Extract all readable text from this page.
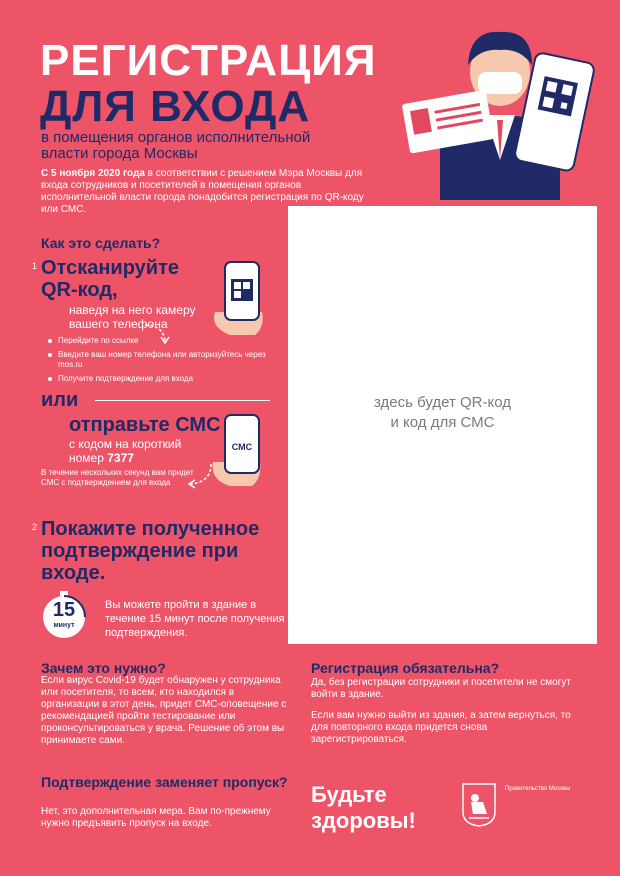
РЕГИСТРАЦИЯ
ДЛЯ ВХОДА
в помещения органов исполнительной власти города Москвы
С 5 ноября 2020 года в соответствии с решением Мэра Москвы для входа сотрудников и посетителей в помещения органов исполнительной власти города понадобится регистрация по QR-коду или СМС.
здесь будет QR-код
и код для СМС
Как это сделать?
1 Отсканируйте
QR-код,
наведя на него камеру вашего телефона
Перейдите по ссылке
Введите ваш номер телефона или авторизуйтесь через mos.ru
Получите подтверждение для входа
или
отправьте СМС
с кодом на короткий номер 7377
В течение нескольких секунд вам придет СМС с подтверждением для входа
СМС
2 Покажите полученное подтверждение при входе.
15
минут
Вы можете пройти в здание в течение 15 минут после получения подтверждения.
Зачем это нужно?
Если вирус Covid-19 будет обнаружен у сотрудника или посетителя, то всем, кто находился в организации в этот день, придет СМС-оповещение с рекомендацией пройти тестирование или проконсультироваться у врача. Решение об этом вы принимаете сами.
Подтверждение заменяет пропуск?
Нет, это дополнительная мера. Вам по-прежнему нужно предъявить пропуск на входе.
Регистрация обязательна?
Да, без регистрации сотрудники и посетители не смогут войти в здание.
Если вам нужно выйти из здания, а затем вернуться, то для повторного входа придется снова зарегистрироваться.
Будьте здоровы!
Правительство Москвы
